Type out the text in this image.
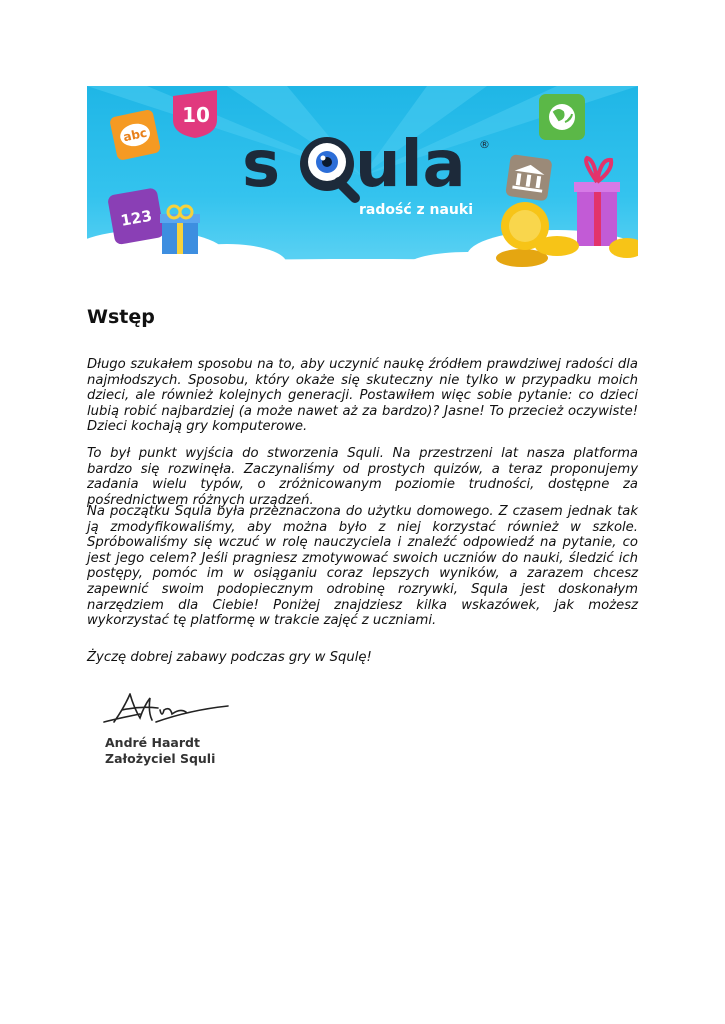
abc
10
123
s ula ®
radość z nauki
Wstęp

Długo szukałem sposobu na to, aby uczynić naukę źródłem prawdziwej radości dla najmłodszych. Sposobu, który okaże się skuteczny nie tylko w przypadku moich dzieci, ale również kolejnych generacji. Postawiłem więc sobie pytanie: co dzieci lubią robić najbardziej (a może nawet aż za bardzo)? Jasne! To przecież oczywiste! Dzieci kochają gry komputerowe.

To był punkt wyjścia do stworzenia Squli. Na przestrzeni lat nasza platforma bardzo się rozwinęła. Zaczynaliśmy od prostych quizów, a teraz proponujemy zadania wielu typów, o zróżnicowanym poziomie trudności, dostępne za pośrednictwem różnych urządzeń.

Na początku Squla była przeznaczona do użytku domowego. Z czasem jednak tak ją zmodyfikowaliśmy, aby można było z niej korzystać również w szkole. Spróbowaliśmy się wczuć w rolę nauczyciela i znaleźć odpowiedź na pytanie, co jest jego celem? Jeśli pragniesz zmotywować swoich uczniów do nauki, śledzić ich postępy, pomóc im w osiąganiu coraz lepszych wyników, a zarazem chcesz zapewnić swoim podopiecznym odrobinę rozrywki, Squla jest doskonałym narzędziem dla Ciebie! Poniżej znajdziesz kilka wskazówek, jak możesz wykorzystać tę platformę w trakcie zajęć z uczniami.

Życzę dobrej zabawy podczas gry w Squlę!

André Haardt
Założyciel Squli
